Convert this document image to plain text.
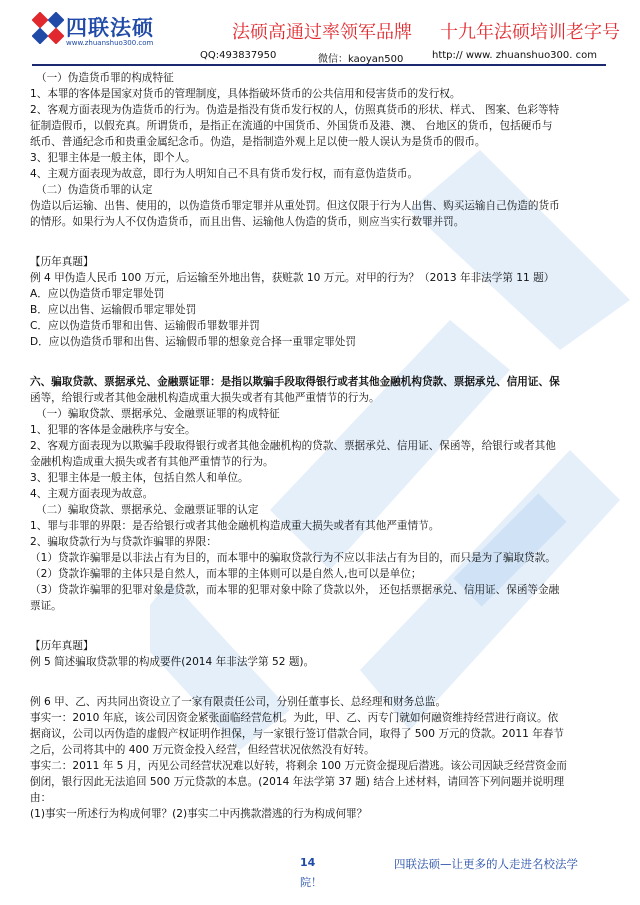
四联法硕
www.zhuanshuo300.com	法硕高通过率领军品牌 十九年法硕培训老字号
QQ:493837950	微信：kaoyan500	http:// www. zhuanshuo300. com
（一）伪造货币罪的构成特征
1、本罪的客体是国家对货币的管理制度，具体指破坏货币的公共信用和侵害货币的发行权。
2、客观方面表现为伪造货币的行为。伪造是指没有货币发行权的人，仿照真货币的形状、样式、 图案、色彩等特
征制造假币，以假充真。所谓货币，是指正在流通的中国货币、外国货币及港、澳、 台地区的货币，包括硬币与
纸币、普通纪念币和贵重金属纪念币。伪造，是指制造外观上足以使一般人误认为是货币的假币。
3、犯罪主体是一般主体，即个人。
4、主观方面表现为故意，即行为人明知自己不具有货币发行权，而有意伪造货币。
（二）伪造货币罪的认定
伪造以后运输、出售、使用的，以伪造货币罪定罪并从重处罚。但这仅限于行为人出售、购买运输自己伪造的货币
的情形。如果行为人不仅伪造货币，而且出售、运输他人伪造的货币，则应当实行数罪并罚。
【历年真题】
例 4 甲伪造人民币 100 万元，后运输至外地出售，获赃款 10 万元。对甲的行为？（2013 年非法学第 11 题）
A．应以伪造货币罪定罪处罚
B．应以出售、运输假币罪定罪处罚
C．应以伪造货币罪和出售、运输假币罪数罪并罚
D．应以伪造货币罪和出售、运输假币罪的想象竞合择一重罪定罪处罚
六、骗取贷款、票据承兑、金融票证罪：是指以欺骗手段取得银行或者其他金融机构贷款、票据承兑、信用证、保
函等，给银行或者其他金融机构造成重大损失或者有其他严重情节的行为。
（一）骗取贷款、票据承兑、金融票证罪的构成特征
1、犯罪的客体是金融秩序与安全。
2、客观方面表现为以欺骗手段取得银行或者其他金融机构的贷款、票据承兑、信用证、保函等，给银行或者其他
金融机构造成重大损失或者有其他严重情节的行为。
3、犯罪主体是一般主体，包括自然人和单位。
4、主观方面表现为故意。
（二）骗取贷款、票据承兑、金融票证罪的认定
1、罪与非罪的界限：是否给银行或者其他金融机构造成重大损失或者有其他严重情节。
2、骗取贷款行为与贷款诈骗罪的界限：
（1）贷款诈骗罪是以非法占有为目的，而本罪中的骗取贷款行为不应以非法占有为目的，而只是为了骗取贷款。
（2）贷款诈骗罪的主体只是自然人，而本罪的主体则可以是自然人,也可以是单位；
（3）贷款诈骗罪的犯罪对象是贷款，而本罪的犯罪对象中除了贷款以外， 还包括票据承兑、信用证、保函等金融
票证。
【历年真题】
例 5 简述骗取贷款罪的构成要件(2014 年非法学第 52 题)。
例 6 甲、乙、丙共同出资设立了一家有限责任公司，分别任董事长、总经理和财务总监。
事实一：2010 年底，该公司因资金紧张面临经营危机。为此，甲、乙、丙专门就如何融资维持经营进行商议。依
据商议，公司以丙伪造的虚假产权证明作担保，与一家银行签订借款合同，取得了 500 万元的贷款。2011 年春节
之后，公司将其中的 400 万元资金投入经营，但经营状况依然没有好转。
事实二：2011 年 5 月，丙见公司经营状况难以好转，将剩余 100 万元资金提现后潜逃。该公司因缺乏经营资金而
倒闭，银行因此无法追回 500 万元贷款的本息。(2014 年法学第 37 题) 结合上述材料，请回答下列问题并说明理
由：
(1)事实一所述行为构成何罪？(2)事实二中丙携款潜逃的行为构成何罪？
14	四联法硕—让更多的人走进名校法学
院！
